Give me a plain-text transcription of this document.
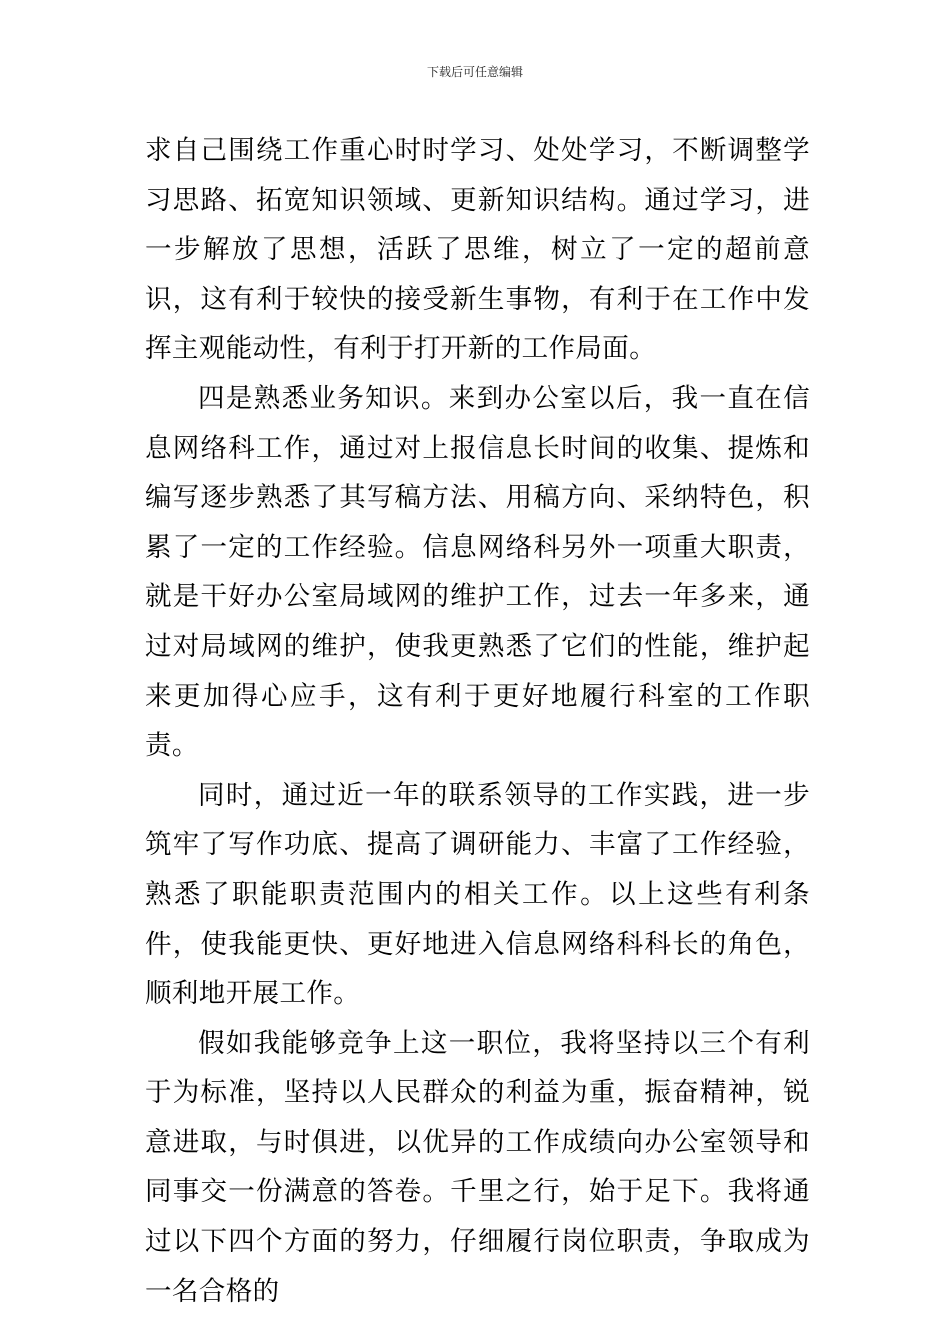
下载后可任意编辑

求自己围绕工作重心时时学习、处处学习，不断调整学习思路、拓宽知识领域、更新知识结构。通过学习，进一步解放了思想，活跃了思维，树立了一定的超前意识，这有利于较快的接受新生事物，有利于在工作中发挥主观能动性，有利于打开新的工作局面。

四是熟悉业务知识。来到办公室以后，我一直在信息网络科工作，通过对上报信息长时间的收集、提炼和编写逐步熟悉了其写稿方法、用稿方向、采纳特色，积累了一定的工作经验。信息网络科另外一项重大职责，就是干好办公室局域网的维护工作，过去一年多来，通过对局域网的维护，使我更熟悉了它们的性能，维护起来更加得心应手，这有利于更好地履行科室的工作职责。

同时，通过近一年的联系领导的工作实践，进一步筑牢了写作功底、提高了调研能力、丰富了工作经验，熟悉了职能职责范围内的相关工作。以上这些有利条件，使我能更快、更好地进入信息网络科科长的角色，顺利地开展工作。

假如我能够竞争上这一职位，我将坚持以三个有利于为标准，坚持以人民群众的利益为重，振奋精神，锐意进取，与时俱进，以优异的工作成绩向办公室领导和同事交一份满意的答卷。千里之行，始于足下。我将通过以下四个方面的努力，仔细履行岗位职责，争取成为一名合格的
